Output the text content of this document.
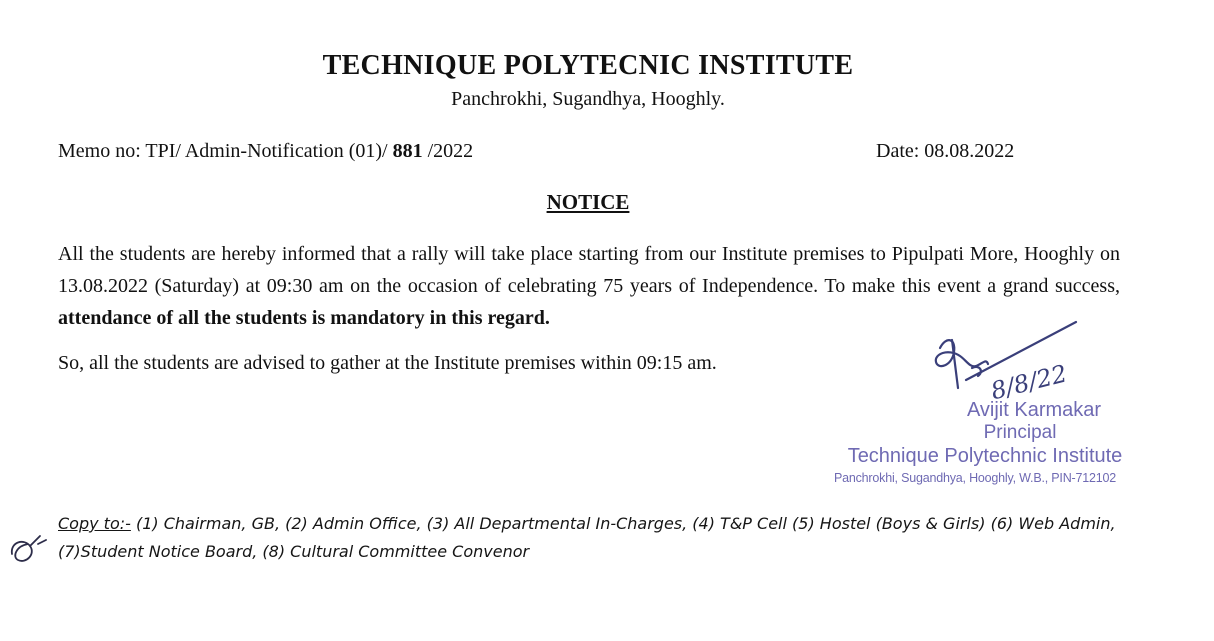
TECHNIQUE POLYTECNIC INSTITUTE
Panchrokhi, Sugandhya, Hooghly.
Memo no: TPI/ Admin-Notification (01)/ 881 /2022	Date: 08.08.2022
NOTICE
All the students are hereby informed that a rally will take place starting from our Institute premises to Pipulpati More, Hooghly on 13.08.2022 (Saturday) at 09:30 am on the occasion of celebrating 75 years of Independence. To make this event a grand success, attendance of all the students is mandatory in this regard.
So, all the students are advised to gather at the Institute premises within 09:15 am.	8/8/22
Avijit Karmakar
Principal
Technique Polytechnic Institute
Panchrokhi, Sugandhya, Hooghly, W.B., PIN-712102
Copy to:- (1) Chairman, GB, (2) Admin Office, (3) All Departmental In-Charges, (4) T&P Cell (5) Hostel (Boys & Girls) (6) Web Admin, (7)Student Notice Board, (8) Cultural Committee Convenor
